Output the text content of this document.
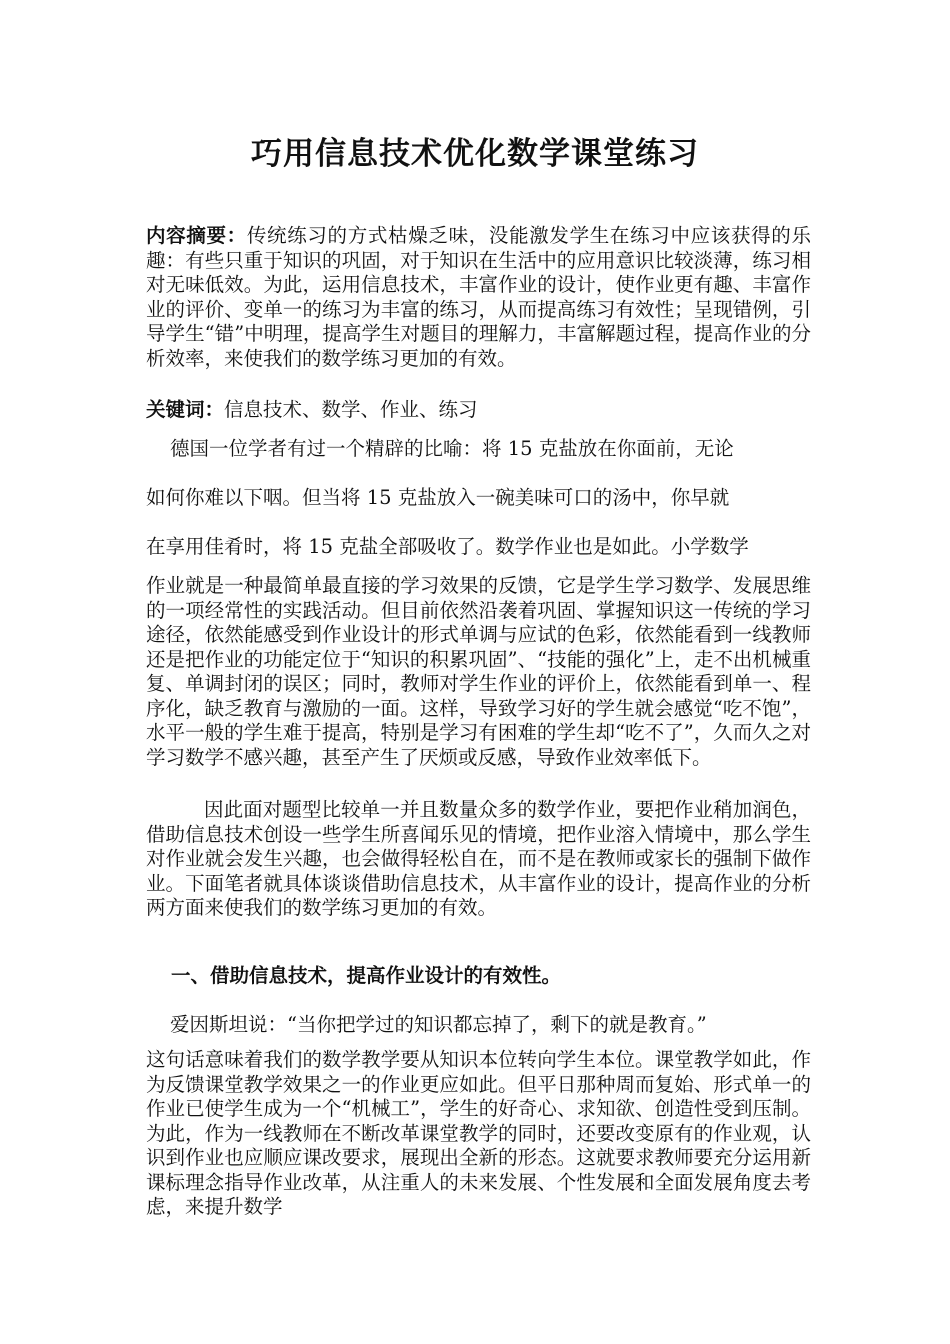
巧用信息技术优化数学课堂练习
内容摘要：传统练习的方式枯燥乏味，没能激发学生在练习中应该获得的乐趣：有些只重于知识的巩固，对于知识在生活中的应用意识比较淡薄，练习相对无味低效。为此，运用信息技术，丰富作业的设计，使作业更有趣、丰富作业的评价、变单一的练习为丰富的练习，从而提高练习有效性；呈现错例，引导学生“错”中明理，提高学生对题目的理解力，丰富解题过程，提高作业的分析效率，来使我们的数学练习更加的有效。
关键词：信息技术、数学、作业、练习
德国一位学者有过一个精辟的比喻：将 15 克盐放在你面前，无论
如何你难以下咽。但当将 15 克盐放入一碗美味可口的汤中，你早就
在享用佳肴时，将 15 克盐全部吸收了。数学作业也是如此。小学数学
作业就是一种最简单最直接的学习效果的反馈，它是学生学习数学、发展思维的一项经常性的实践活动。但目前依然沿袭着巩固、掌握知识这一传统的学习途径，依然能感受到作业设计的形式单调与应试的色彩，依然能看到一线教师还是把作业的功能定位于“知识的积累巩固”、“技能的强化”上，走不出机械重复、单调封闭的误区；同时，教师对学生作业的评价上，依然能看到单一、程序化，缺乏教育与激励的一面。这样，导致学习好的学生就会感觉“吃不饱”，水平一般的学生难于提高，特别是学习有困难的学生却“吃不了”，久而久之对学习数学不感兴趣，甚至产生了厌烦或反感，导致作业效率低下。
因此面对题型比较单一并且数量众多的数学作业，要把作业稍加润色，借助信息技术创设一些学生所喜闻乐见的情境，把作业溶入情境中，那么学生对作业就会发生兴趣，也会做得轻松自在，而不是在教师或家长的强制下做作业。下面笔者就具体谈谈借助信息技术，从丰富作业的设计，提高作业的分析两方面来使我们的数学练习更加的有效。
一、借助信息技术，提高作业设计的有效性。
爱因斯坦说：“当你把学过的知识都忘掉了，剩下的就是教育。”
这句话意味着我们的数学教学要从知识本位转向学生本位。课堂教学如此，作为反馈课堂教学效果之一的作业更应如此。但平日那种周而复始、形式单一的作业已使学生成为一个“机械工”，学生的好奇心、求知欲、创造性受到压制。为此，作为一线教师在不断改革课堂教学的同时，还要改变原有的作业观，认识到作业也应顺应课改要求，展现出全新的形态。这就要求教师要充分运用新课标理念指导作业改革，从注重人的未来发展、个性发展和全面发展角度去考虑，来提升数学
